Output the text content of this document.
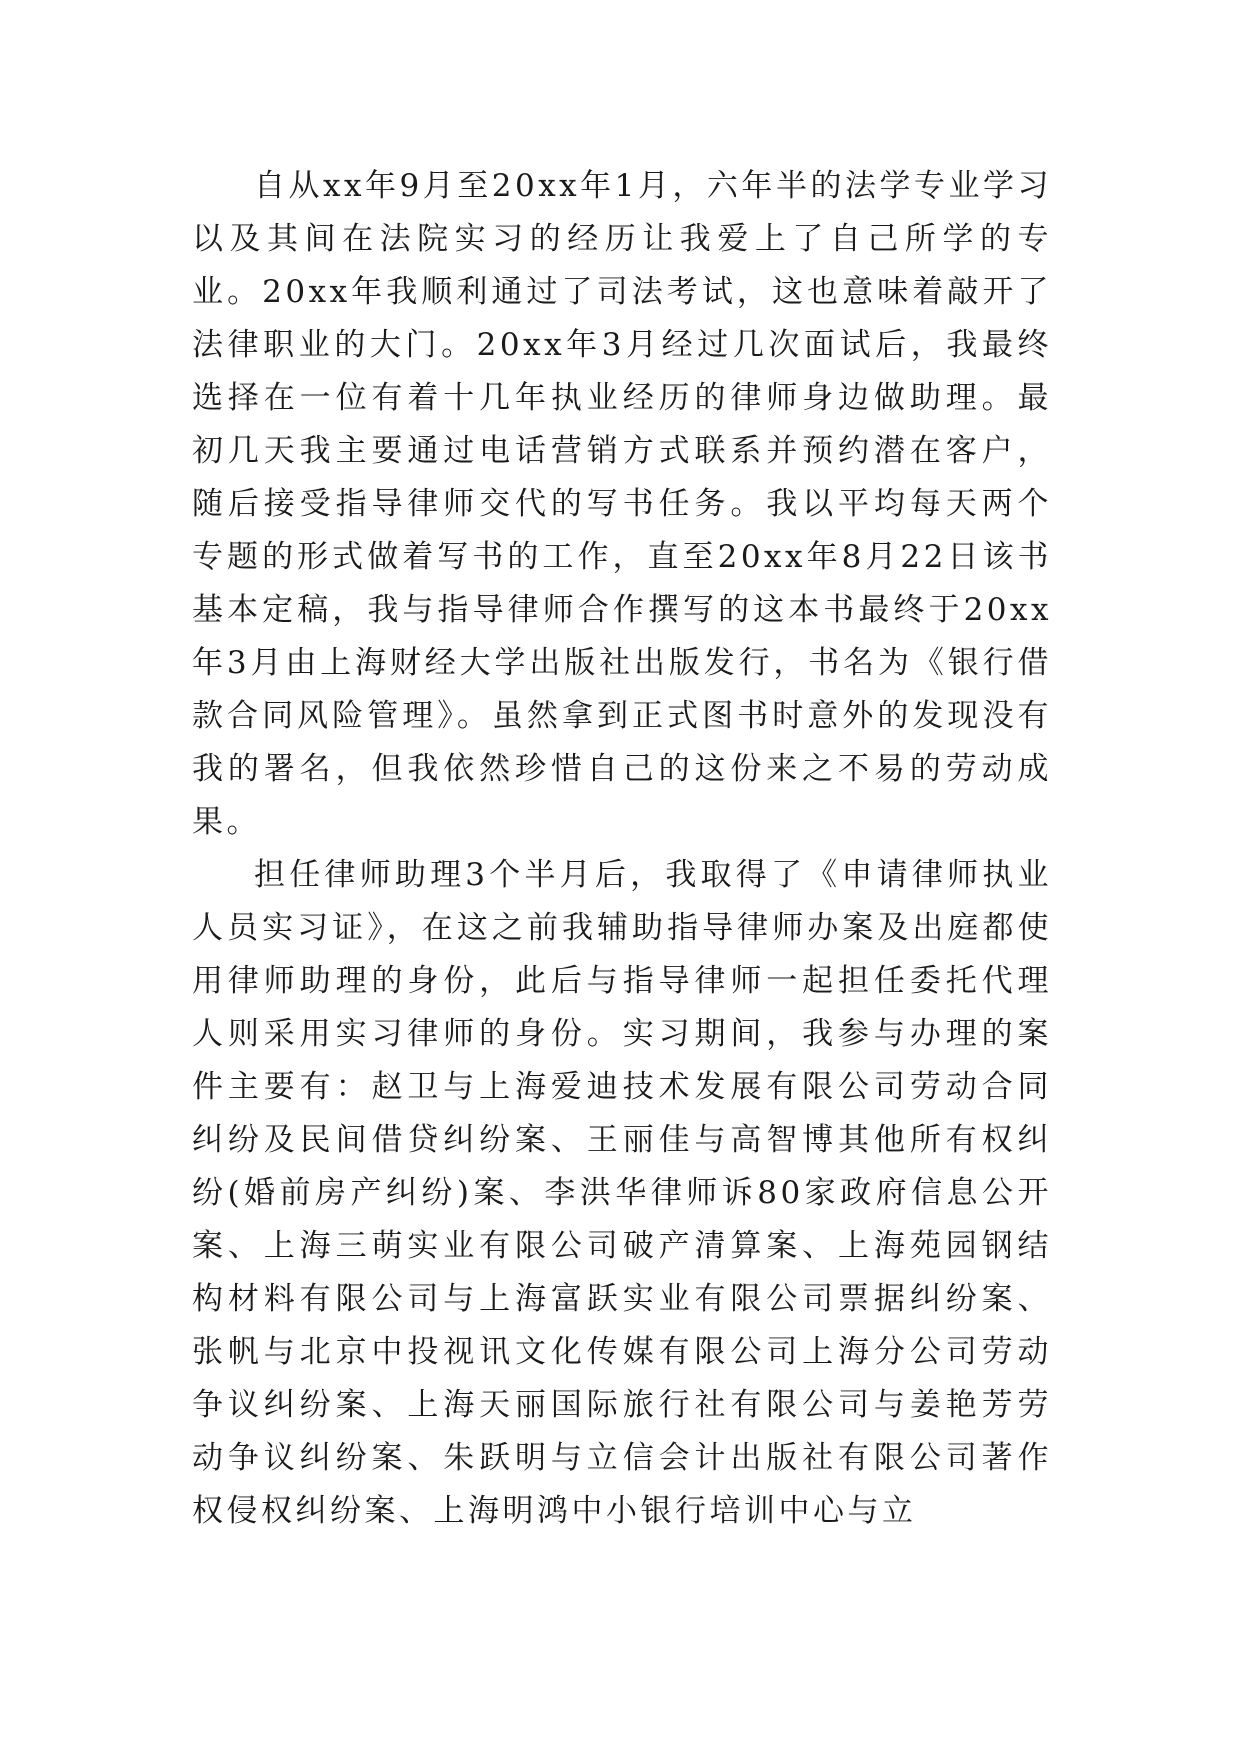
自从xx年9月至20xx年1月，六年半的法学专业学习以及其间在法院实习的经历让我爱上了自己所学的专业。20xx年我顺利通过了司法考试，这也意味着敲开了法律职业的大门。20xx年3月经过几次面试后，我最终选择在一位有着十几年执业经历的律师身边做助理。最初几天我主要通过电话营销方式联系并预约潜在客户，随后接受指导律师交代的写书任务。我以平均每天两个专题的形式做着写书的工作，直至20xx年8月22日该书基本定稿，我与指导律师合作撰写的这本书最终于20xx年3月由上海财经大学出版社出版发行，书名为《银行借款合同风险管理》。虽然拿到正式图书时意外的发现没有我的署名，但我依然珍惜自己的这份来之不易的劳动成果。

担任律师助理3个半月后，我取得了《申请律师执业人员实习证》，在这之前我辅助指导律师办案及出庭都使用律师助理的身份，此后与指导律师一起担任委托代理人则采用实习律师的身份。实习期间，我参与办理的案件主要有：赵卫与上海爱迪技术发展有限公司劳动合同纠纷及民间借贷纠纷案、王丽佳与高智博其他所有权纠纷(婚前房产纠纷)案、李洪华律师诉80家政府信息公开案、上海三萌实业有限公司破产清算案、上海苑园钢结构材料有限公司与上海富跃实业有限公司票据纠纷案、张帆与北京中投视讯文化传媒有限公司上海分公司劳动争议纠纷案、上海天丽国际旅行社有限公司与姜艳芳劳动争议纠纷案、朱跃明与立信会计出版社有限公司著作权侵权纠纷案、上海明鸿中小银行培训中心与立
